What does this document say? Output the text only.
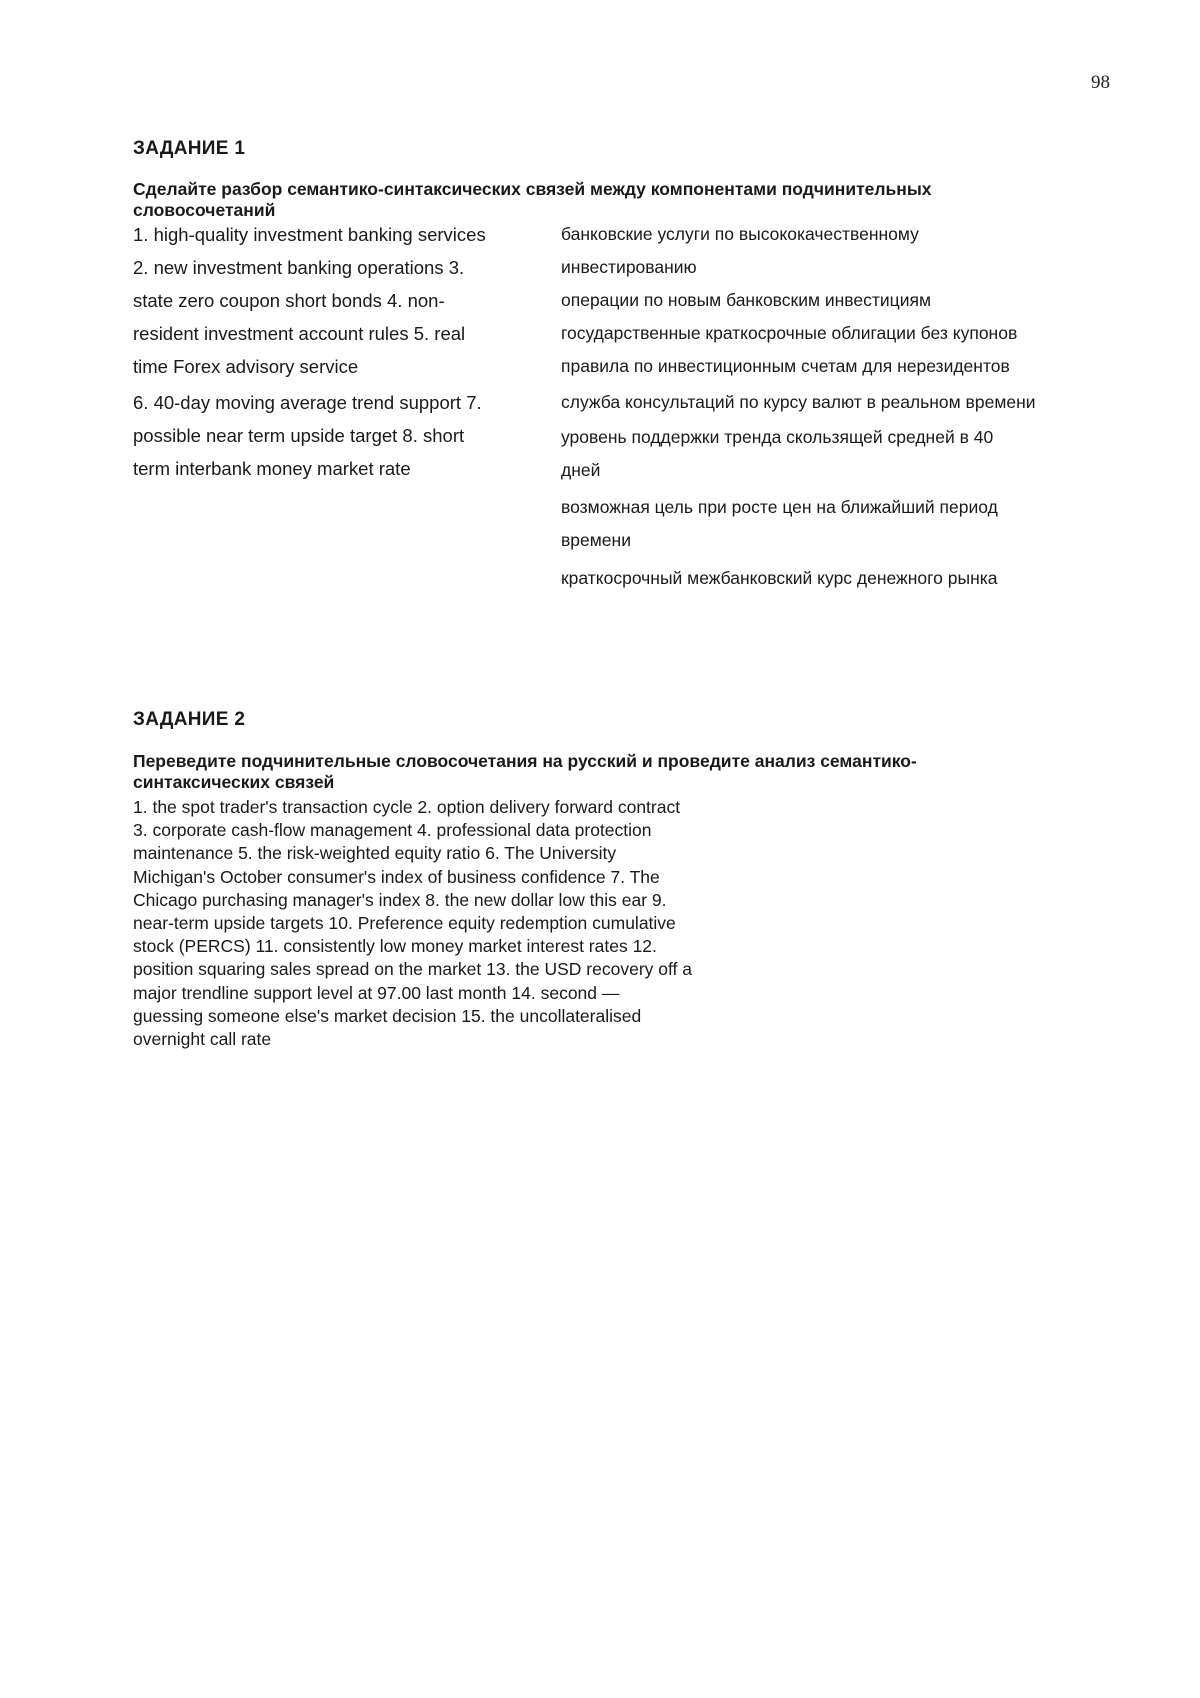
98
ЗАДАНИЕ 1
Сделайте разбор семантико-синтаксических связей между компонентами подчинительных
словосочетаний
1. high-quality investment banking services
2. new investment banking operations 3.
state zero coupon short bonds 4. non-
resident investment account rules 5. real
time Forex advisory service
6. 40-day moving average trend support 7.
possible near term upside target 8. short
term interbank money market rate
банковские услуги по высококачественному
инвестированию
операции по новым банковским инвестициям
государственные краткосрочные облигации без купонов
правила по инвестиционным счетам для нерезидентов
служба консультаций по курсу валют в реальном времени
уровень поддержки тренда скользящей средней в 40
дней
возможная цель при росте цен на ближайший период
времени
краткосрочный межбанковский курс денежного рынка
ЗАДАНИЕ 2
Переведите подчинительные словосочетания на русский и проведите анализ семантико-
синтаксических связей
1. the spot trader's transaction cycle 2. option delivery forward contract
3. corporate cash-flow management 4. professional data protection
maintenance 5. the risk-weighted equity ratio 6. The University
Michigan's October consumer's index of business confidence 7. The
Chicago purchasing manager's index 8. the new dollar low this ear 9.
near-term upside targets 10. Preference equity redemption cumulative
stock (PERCS) 11. consistently low money market interest rates 12.
position squaring sales spread on the market 13. the USD recovery off a
major trendline support level at 97.00 last month 14. second —
guessing someone else's market decision 15. the uncollateralised
overnight call rate
